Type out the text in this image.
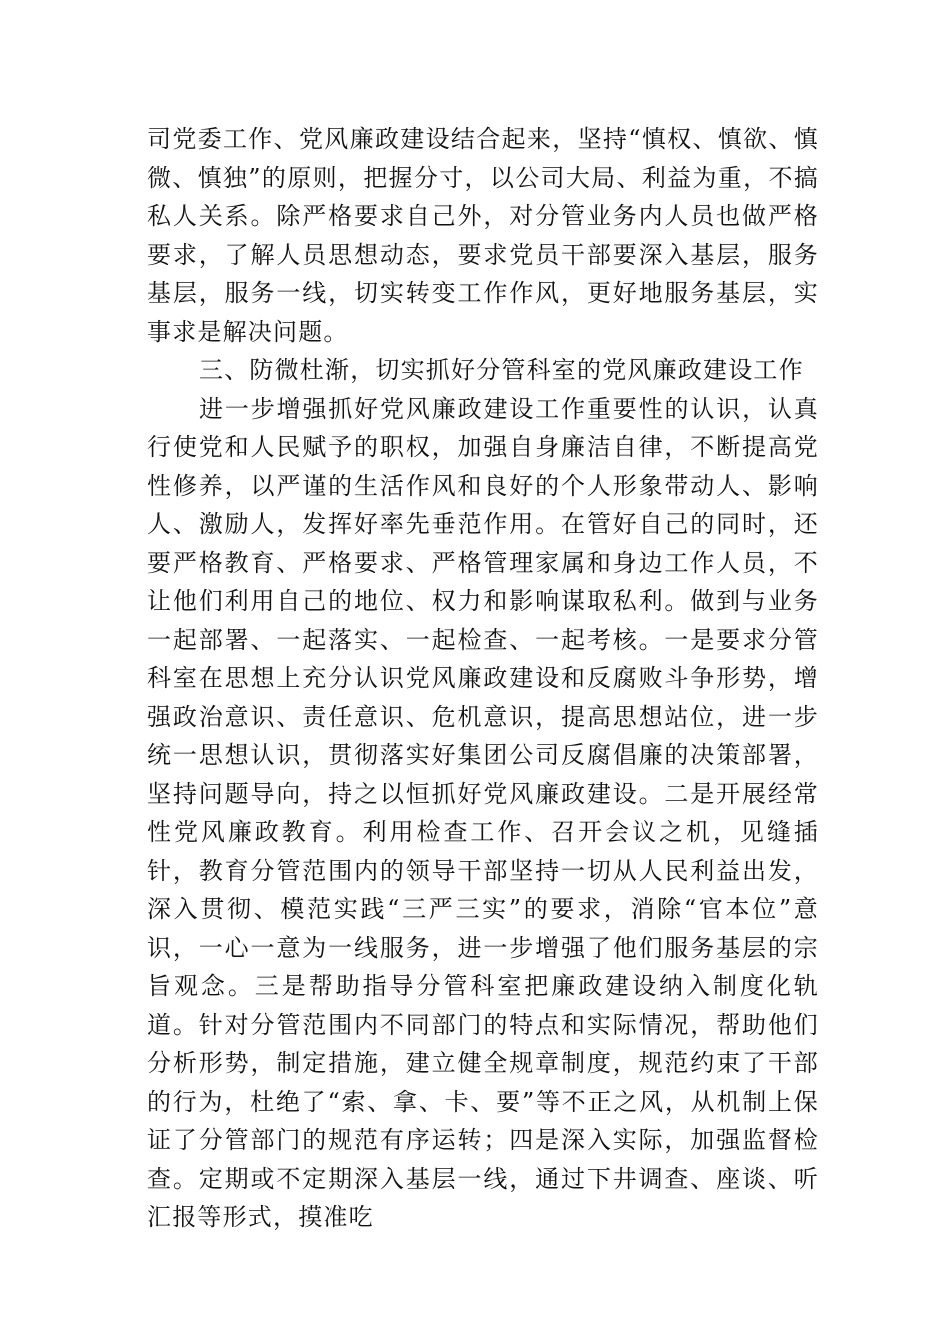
司党委工作、党风廉政建设结合起来，坚持“慎权、慎欲、慎微、慎独”的原则，把握分寸，以公司大局、利益为重，不搞私人关系。除严格要求自己外，对分管业务内人员也做严格要求，了解人员思想动态，要求党员干部要深入基层，服务基层，服务一线，切实转变工作作风，更好地服务基层，实事求是解决问题。

三、防微杜渐，切实抓好分管科室的党风廉政建设工作

进一步增强抓好党风廉政建设工作重要性的认识，认真行使党和人民赋予的职权，加强自身廉洁自律，不断提高党性修养，以严谨的生活作风和良好的个人形象带动人、影响人、激励人，发挥好率先垂范作用。在管好自己的同时，还要严格教育、严格要求、严格管理家属和身边工作人员，不让他们利用自己的地位、权力和影响谋取私利。做到与业务一起部署、一起落实、一起检查、一起考核。一是要求分管科室在思想上充分认识党风廉政建设和反腐败斗争形势，增强政治意识、责任意识、危机意识，提高思想站位，进一步统一思想认识，贯彻落实好集团公司反腐倡廉的决策部署，坚持问题导向，持之以恒抓好党风廉政建设。二是开展经常性党风廉政教育。利用检查工作、召开会议之机，见缝插针，教育分管范围内的领导干部坚持一切从人民利益出发，深入贯彻、模范实践“三严三实”的要求，消除“官本位”意识，一心一意为一线服务，进一步增强了他们服务基层的宗旨观念。三是帮助指导分管科室把廉政建设纳入制度化轨道。针对分管范围内不同部门的特点和实际情况，帮助他们分析形势，制定措施，建立健全规章制度，规范约束了干部的行为，杜绝了“索、拿、卡、要”等不正之风，从机制上保证了分管部门的规范有序运转；四是深入实际，加强监督检查。定期或不定期深入基层一线，通过下井调查、座谈、听汇报等形式，摸准吃
